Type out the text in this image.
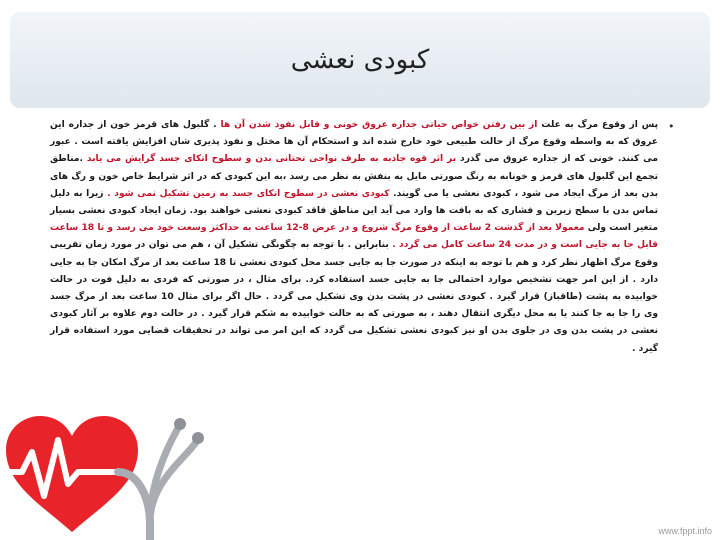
کبودی نعشی
•
پس از وقوع مرگ به علت از بین رفتن خواص حیاتی جداره عروق خونی و قابل نفوذ شدن آن ها . گلبول های قرمز خون از جداره این عروق که به واسطه وقوع مرگ از حالت طبیعی خود خارج شده اند و استحکام آن ها مختل و نفوذ پذیری شان افزایش یافته است . عبور می کنند. خونی که از جداره عروق می گذرد بر اثر قوه جاذبه به طرف نواحی تحتانی بدن و سطوح اتکای جسد گرایش می یابد .مناطق تجمع این گلبول های قرمز و خونابه به رنگ صورتی مایل به بنفش به نظر می رسد ،به این کبودی که در اثر شرایط خاص خون و رگ های بدن بعد از مرگ ایجاد می شود ، کبودی نعشی یا می گویند. کبودی نعشی در سطوح اتکای جسد به زمین تشکیل نمی شود . زیرا به دلیل تماس بدن با سطح زیرین و فشاری که به بافت ها وارد می آید این مناطق فاقد کبودی نعشی خواهند بود. زمان ایجاد کبودی نعشی بسیار متغیر است ولی معمولا بعد از گذشت 2 ساعت از وقوع مرگ شروع و در عرض 8-12 ساعت به حداکثر وسعت خود می رسد و تا 18 ساعت قابل جا به جایی است و در مدت 24 ساعت کامل می گردد . بنابراین . با توجه به چگونگی تشکیل آن ، هم می توان در مورد زمان تقریبی وقوع مرگ اظهار نظر کرد و هم با توجه به اینکه در صورت جا به جایی جسد محل کبودی نعشی تا 18 ساعت بعد از مرگ امکان جا به جایی دارد . از این امر جهت تشخیص موارد احتمالی جا به جایی جسد استفاده کرد. برای مثال ، در صورتی که فردی به دلیل فوت در حالت خوابیده به پشت (طاقباز) قرار گیرد . کبودی نعشی در پشت بدن وی تشکیل می گردد . حال اگر برای مثال 10 ساعت بعد از مرگ جسد وی را جا به جا کنند یا به محل دیگری انتقال دهند ، به صورتی که به حالت خوابیده به شکم قرار گیرد . در حالت دوم علاوه بر آثار کبودی نعشی در پشت بدن وی در جلوی بدن او نیز کبودی نعشی تشکیل می گردد که این امر می تواند در تحقیقات قضایی مورد استفاده قرار گیرد .
www.fppt.info
